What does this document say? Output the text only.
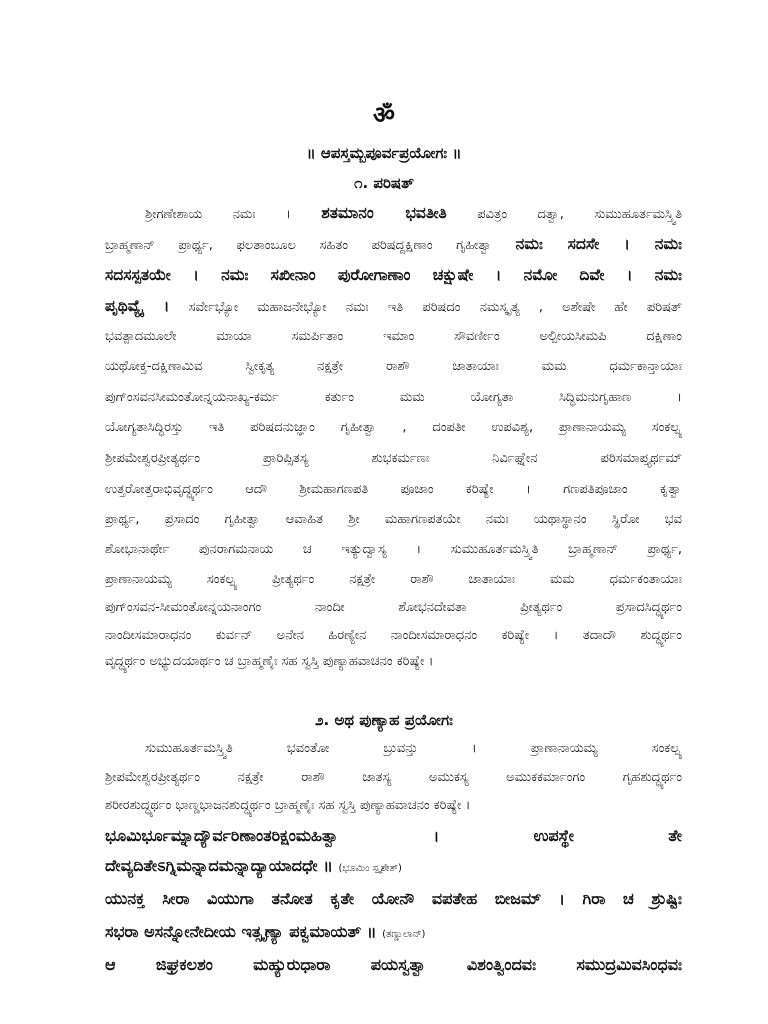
ॐ
॥ ಆಪಸ್ತಮ್ಬಪೂರ್ವಪ್ರಯೋಗಃ ॥
೧. ಪರಿಷತ್
ಶ್ರೀಗಣೇಶಾಯ ನಮಃ । ಶತಮಾನಂ ಭವತೀತಿ ಪವಿತ್ರಂ ದತ್ವಾ, ಸುಮುಹೂರ್ತಮಸ್ತ್ವಿತಿ
ಬ್ರಾಹ್ಮಣಾನ್ ಪ್ರಾರ್ಥ್ಯ, ಫಲತಾಂಬೂಲ ಸಹಿತಂ ಪರಿಷದ್ದಕ್ಷಿಣಾಂ ಗೃಹೀತ್ವಾ ನಮಃ ಸದಸೇ । ನಮಃ
ಸದಸಸ್ಪತಯೇ । ನಮಃ ಸಖೀನಾಂ ಪುರೋಗಾಣಾಂ ಚಕ್ಷುಷೇ । ನಮೋ ದಿವೇ । ನಮಃ
ಪೃಥಿವ್ಯೈ । ಸರ್ವೇಭ್ಯೋ ಮಹಾಜನೇಭ್ಯೋ ನಮಃ ಇತಿ ಪರಿಷದಂ ನಮಸ್ಕೃತ್ಯ , ಅಶೇಷೇ ಹೇ ಪರಿಷತ್
ಭವತ್ಪಾದಮೂಲೇ ಮಾಯಾ ಸಮರ್ಪಿತಾಂ ಇಮಾಂ ಸೌವರ್ಣೀಂ ಅಲ್ಪೀಯಸೀಮಪಿ ದಕ್ಷಿಣಾಂ
ಯಥೋಕ್ತ-ದಕ್ಷಿಣಾಮಿವ ಸ್ವೀಕೃತ್ಯ ನಕ್ಷತ್ರೇ ರಾಶೌ ಜಾತಾಯಾಃ ಮಮ ಧರ್ಮಕಾನ್ತಾಯಾಃ
ಪುಗ್ಂಸವನಸೀಮಂತೋನ್ನಯನಾಖ್ಯ-ಕರ್ಮ ಕರ್ತುಂ ಮಮ ಯೋಗ್ಯತಾ ಸಿದ್ಧಿಮನುಗೃಹಾಣ ।
ಯೋಗ್ಯತಾಸಿದ್ಧಿರಸ್ತು ಇತಿ ಪರಿಷದನುಜ್ಞಾಂ ಗೃಹೀತ್ವಾ , ದಂಪತೀ ಉಪವಿಶ್ಯ, ಪ್ರಾಣಾನಾಯಮ್ಯ ಸಂಕಲ್ಪ್ಯ
ಶ್ರೀಪಮೇಶ್ವರಪ್ರೀತ್ಯರ್ಥಂ ಪ್ರಾರಿಪ್ಸಿತಸ್ಯ ಶುಭಕರ್ಮಣಃ ನಿರ್ವಿಘ್ನೇನ ಪರಿಸಮಾಪ್ತ್ಯರ್ಥಮ್
ಉತ್ತರೋತ್ತರಾಭಿವೃದ್ಧ್ಯರ್ಥಂ ಆದೌ ಶ್ರೀಮಹಾಗಣಪತಿ ಪೂಜಾಂ ಕರಿಷ್ಯೇ । ಗಣಪತಿಪೂಜಾಂ ಕೃತ್ವಾ
ಪ್ರಾರ್ಥ್ಯ, ಪ್ರಸಾದಂ ಗೃಹೀತ್ವಾ ಆವಾಹಿತ ಶ್ರೀ ಮಹಾಗಣಪತಯೇ ನಮಃ ಯಥಾಸ್ಥಾನಂ ಸ್ಥಿರೋ ಭವ
ಶೋಭಾನಾರ್ಥೇ ಪುನರಾಗಮನಾಯ ಚ ಇತ್ಯುದ್ವಾಸ್ಯ । ಸುಮುಹೂರ್ತಮಸ್ತ್ವಿತಿ ಬ್ರಾಹ್ಮಣಾನ್ ಪ್ರಾರ್ಥ್ಯ,
ಪ್ರಾಣಾನಾಯಮ್ಯ ಸಂಕಲ್ಪ್ಯ ಪ್ರೀತ್ಯರ್ಥಂ ನಕ್ಷತ್ರೇ ರಾಶೌ ಜಾತಾಯಾಃ ಮಮ ಧರ್ಮಕಂತಾಯಾಃ
ಪುಗ್ಂಸವನ-ಸೀಮಂತೋನ್ನಯನಾಂಗಂ ನಾಂದೀ ಶೋಭನದೇವತಾ ಪ್ರೀತ್ಯರ್ಥಂ ಪ್ರಸಾದಸಿದ್ಧ್ಯರ್ಥಂ
ನಾಂದೀಸಮಾರಾಧನಂ ಕುರ್ವನ್ ಅನೇನ ಹಿರಣ್ಯೇನ ನಾಂದೀಸಮಾರಾಧನಂ ಕರಿಷ್ಯೇ । ತದಾದೌ ಶುದ್ಧ್ಯರ್ಥಂ
ವೃದ್ಧ್ಯರ್ಥಂ ಅಭ್ಯುದಯಾರ್ಥಂ ಚ ಬ್ರಾಹ್ಮಣೈಃ ಸಹ ಸ್ವಸ್ತಿ ಪುಣ್ಯಾಹವಾಚನಂ ಕರಿಷ್ಯೇ ।
೨. ಅಥ ಪುಣ್ಯಾಹ ಪ್ರಯೋಗಃ
ಸುಮುಹೂರ್ತಮಸ್ತ್ವಿತಿ ಭವಂತೋ ಬ್ರುವನ್ತು । ಪ್ರಾಣಾನಾಯಮ್ಯ ಸಂಕಲ್ಪ್ಯ
ಶ್ರೀಪಮೇಶ್ವರಪ್ರೀತ್ಯರ್ಥಂ ನಕ್ಷತ್ರೇ ರಾಶೌ ಜಾತಸ್ಯ ಅಮುಕಸ್ಯ ಅಮುಕಕರ್ಮಾಂಗಂ ಗೃಹಶುದ್ಧ್ಯರ್ಥಂ
ಶರೀರಶುದ್ಧ್ಯರ್ಥಂ ಭಾಣ್ಡಭಾಜನಶುದ್ಧ್ಯರ್ಥಂ ಬ್ರಾಹ್ಮಣೈಃ ಸಹ ಸ್ವಸ್ತಿ ಪುಣ್ಯಾಹವಾಚನಂ ಕರಿಷ್ಯೇ ।
ಭೂಮಿರ್ಭೂಮ್ನಾದ್ಯೌರ್ವರಿಣಾಂತರಿಕ್ಷಂಮಹಿತ್ವಾ । ಉಪಸ್ಥೇ ತೇ
ದೇವ್ಯದಿತೇಽಗ್ನಿಮನ್ನಾದಮನ್ನಾದ್ಯಾಯಾದಧೇ ॥ (ಭೂಮಿಂ ಸ್ಪೃಶೇತ್)
ಯುನಕ್ತ ಸೀರಾ ವಿಯುಗಾ ತನೋತ ಕೃತೇ ಯೋನೌ ವಪತೇಹ ಬೀಜಮ್ । ಗಿರಾ ಚ ಶ್ರುಷ್ಟಿಃ
ಸಭರಾ ಅಸನ್ನೋನೇದೀಯ ಇತ್ಸೃಣ್ಯಾ ಪಕ್ವಮಾಯತ್ ॥ (ತಣ್ಡುಲಾನ್)
ಆ ಜಿಘ್ರಕಲಶಂ ಮಹ್ಯುರುಧಾರಾ ಪಯಸ್ವತ್ವಾ ವಿಶಂತ್ವಿಂದವಃ ಸಮುದ್ರಮಿವಸಿಂಧವಃ
